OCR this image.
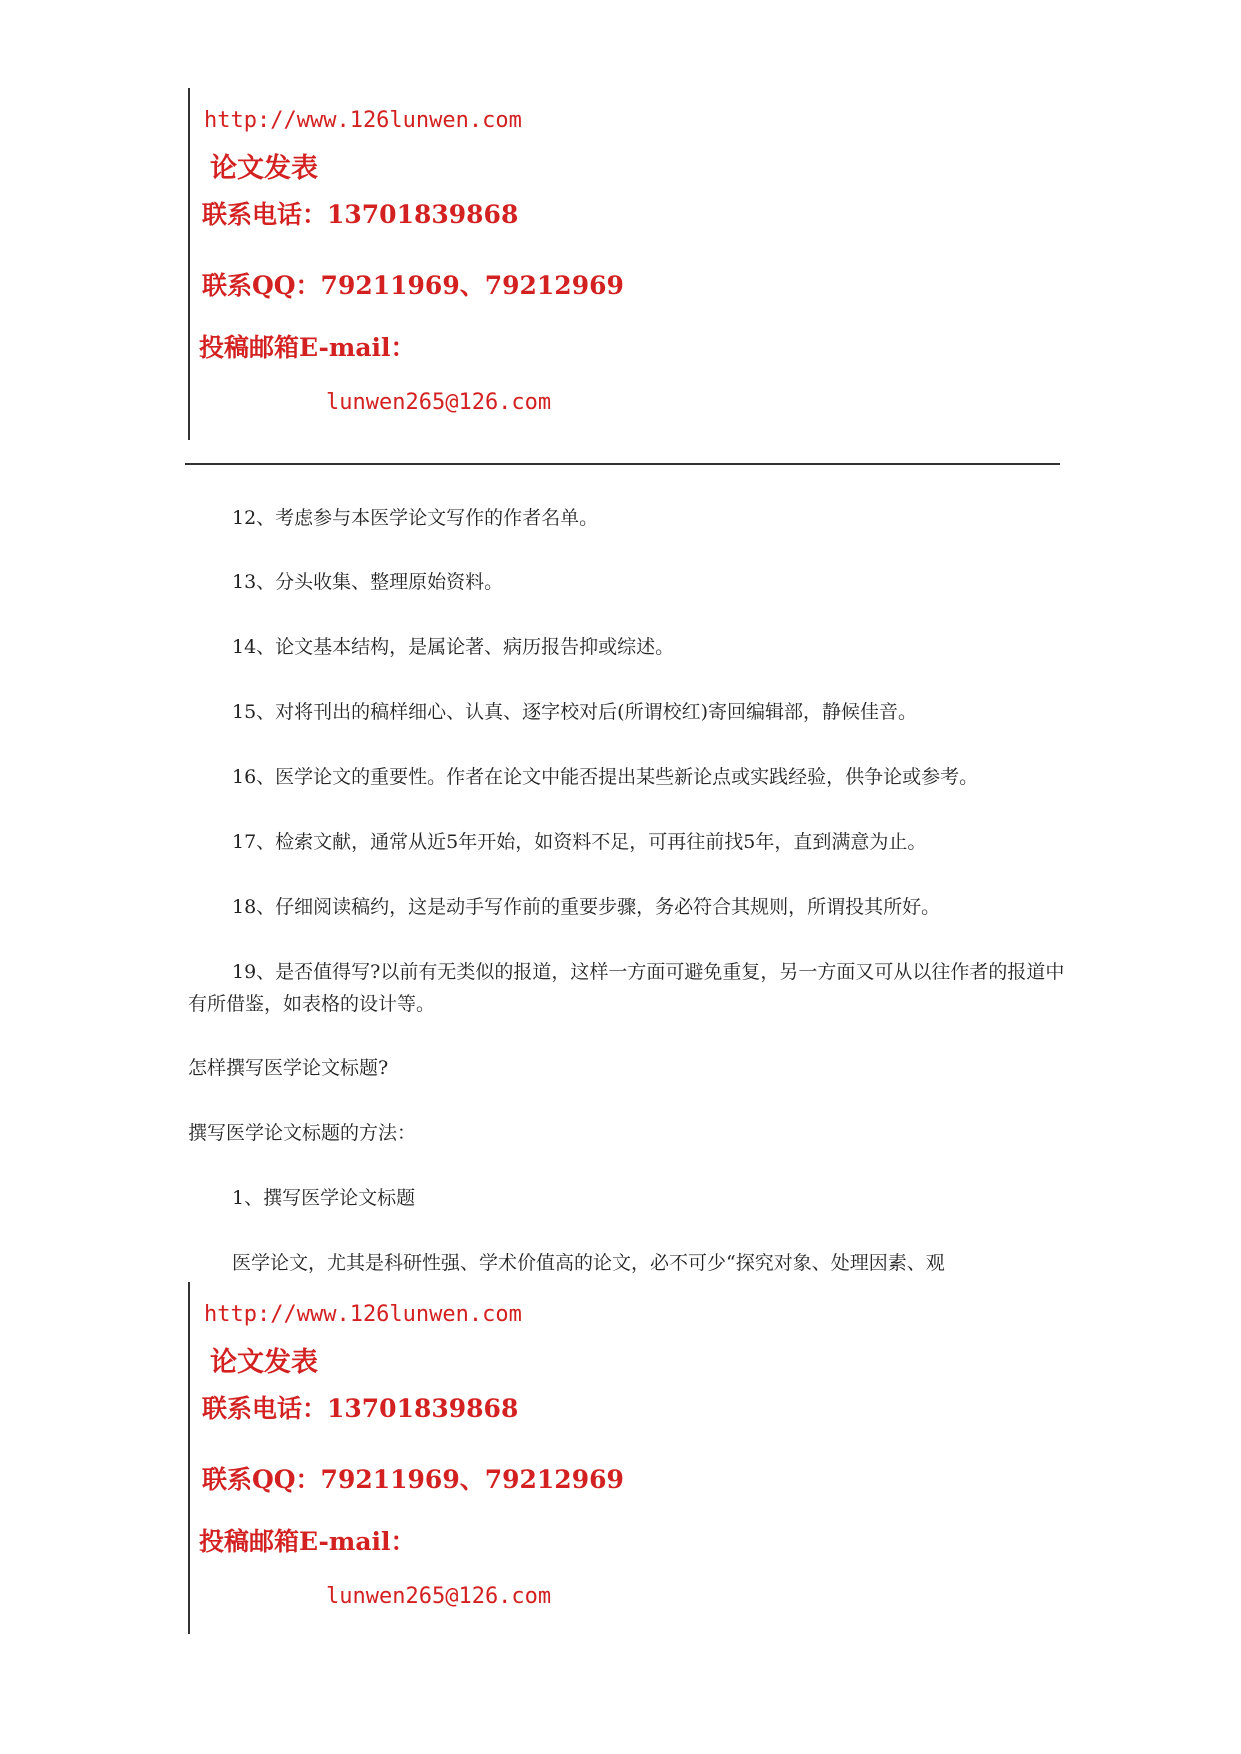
http://www.126lunwen.com
论文发表
联系电话：13701839868
联系QQ：79211969、79212969
投稿邮箱E-mail：
lunwen265@126.com
12、考虑参与本医学论文写作的作者名单。
13、分头收集、整理原始资料。
14、论文基本结构，是属论著、病历报告抑或综述。
15、对将刊出的稿样细心、认真、逐字校对后(所谓校红)寄回编辑部，静候佳音。
16、医学论文的重要性。作者在论文中能否提出某些新论点或实践经验，供争论或参考。
17、检索文献，通常从近5年开始，如资料不足，可再往前找5年，直到满意为止。
18、仔细阅读稿约，这是动手写作前的重要步骤，务必符合其规则，所谓投其所好。
19、是否值得写?以前有无类似的报道，这样一方面可避免重复，另一方面又可从以往作者的报道中有所借鉴，如表格的设计等。
怎样撰写医学论文标题?
撰写医学论文标题的方法：
1、撰写医学论文标题
医学论文，尤其是科研性强、学术价值高的论文，必不可少“探究对象、处理因素、观
http://www.126lunwen.com
论文发表
联系电话：13701839868
联系QQ：79211969、79212969
投稿邮箱E-mail：
lunwen265@126.com
